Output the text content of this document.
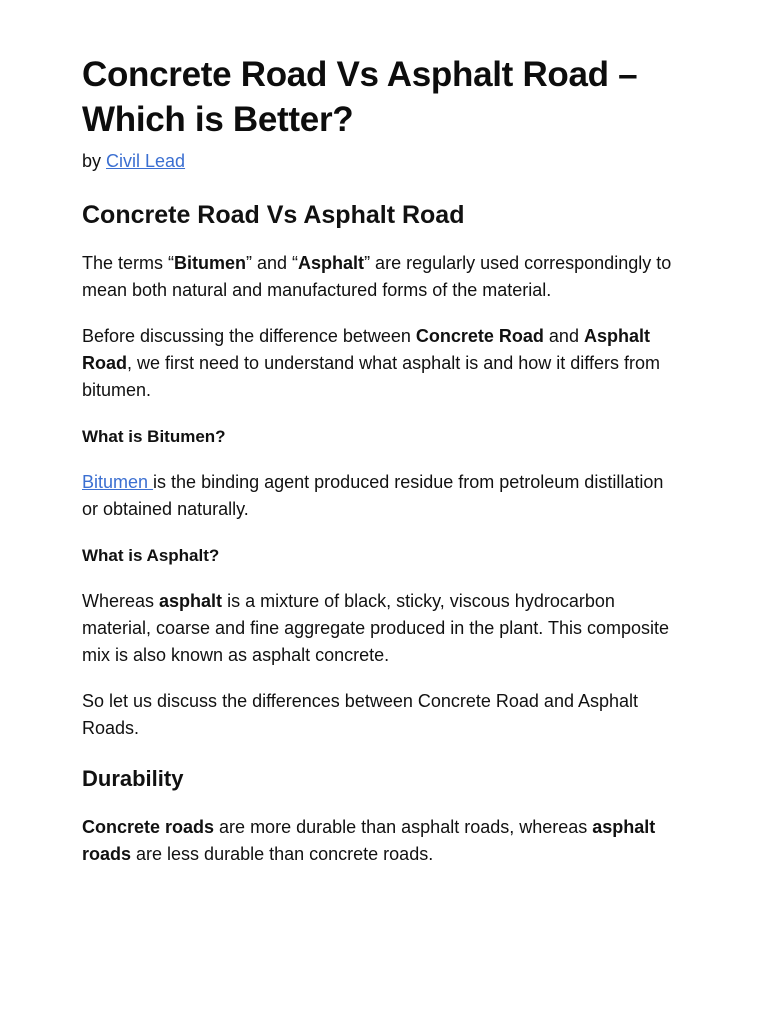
Concrete Road Vs Asphalt Road – Which is Better?
by Civil Lead
Concrete Road Vs Asphalt Road

The terms “Bitumen” and “Asphalt” are regularly used correspondingly to mean both natural and manufactured forms of the material.

Before discussing the difference between Concrete Road and Asphalt Road, we first need to understand what asphalt is and how it differs from bitumen.

What is Bitumen?

Bitumen is the binding agent produced residue from petroleum distillation or obtained naturally.

What is Asphalt?

Whereas asphalt is a mixture of black, sticky, viscous hydrocarbon material, coarse and fine aggregate produced in the plant. This composite mix is also known as asphalt concrete.

So let us discuss the differences between Concrete Road and Asphalt Roads.

Durability

Concrete roads are more durable than asphalt roads, whereas asphalt roads are less durable than concrete roads.
